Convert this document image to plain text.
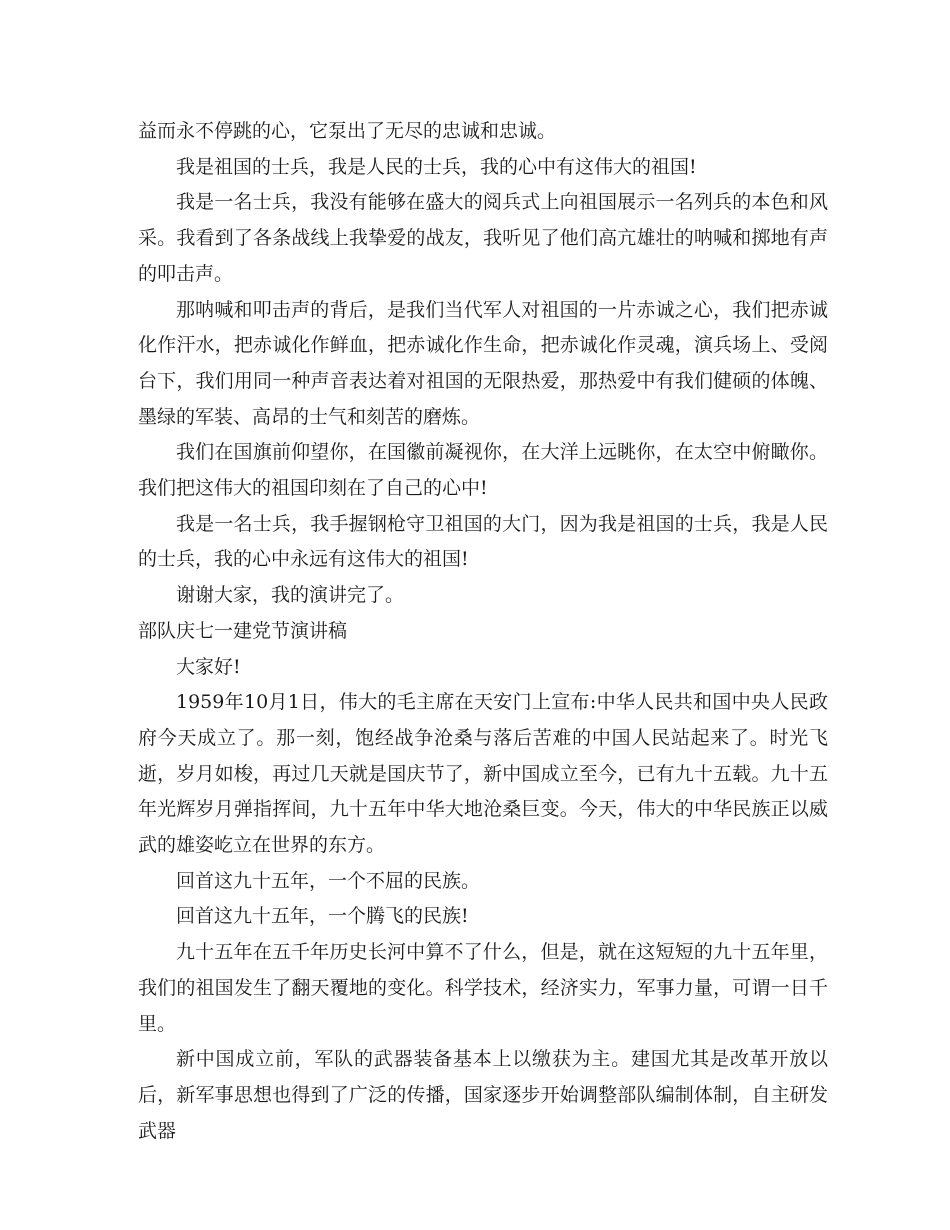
益而永不停跳的心，它泵出了无尽的忠诚和忠诚。

我是祖国的士兵，我是人民的士兵，我的心中有这伟大的祖国!

我是一名士兵，我没有能够在盛大的阅兵式上向祖国展示一名列兵的本色和风采。我看到了各条战线上我挚爱的战友，我听见了他们高亢雄壮的呐喊和掷地有声的叩击声。

那呐喊和叩击声的背后，是我们当代军人对祖国的一片赤诚之心，我们把赤诚化作汗水，把赤诚化作鲜血，把赤诚化作生命，把赤诚化作灵魂，演兵场上、受阅台下，我们用同一种声音表达着对祖国的无限热爱，那热爱中有我们健硕的体魄、墨绿的军装、高昂的士气和刻苦的磨炼。

我们在国旗前仰望你，在国徽前凝视你，在大洋上远眺你，在太空中俯瞰你。我们把这伟大的祖国印刻在了自己的心中!

我是一名士兵，我手握钢枪守卫祖国的大门，因为我是祖国的士兵，我是人民的士兵，我的心中永远有这伟大的祖国!

谢谢大家，我的演讲完了。

部队庆七一建党节演讲稿

大家好!

1959年10月1日，伟大的毛主席在天安门上宣布:中华人民共和国中央人民政府今天成立了。那一刻，饱经战争沧桑与落后苦难的中国人民站起来了。时光飞逝，岁月如梭，再过几天就是国庆节了，新中国成立至今，已有九十五载。九十五年光辉岁月弹指挥间，九十五年中华大地沧桑巨变。今天，伟大的中华民族正以威武的雄姿屹立在世界的东方。

回首这九十五年，一个不屈的民族。

回首这九十五年，一个腾飞的民族!

九十五年在五千年历史长河中算不了什么，但是，就在这短短的九十五年里，我们的祖国发生了翻天覆地的变化。科学技术，经济实力，军事力量，可谓一日千里。

新中国成立前，军队的武器装备基本上以缴获为主。建国尤其是改革开放以后，新军事思想也得到了广泛的传播，国家逐步开始调整部队编制体制，自主研发武器
